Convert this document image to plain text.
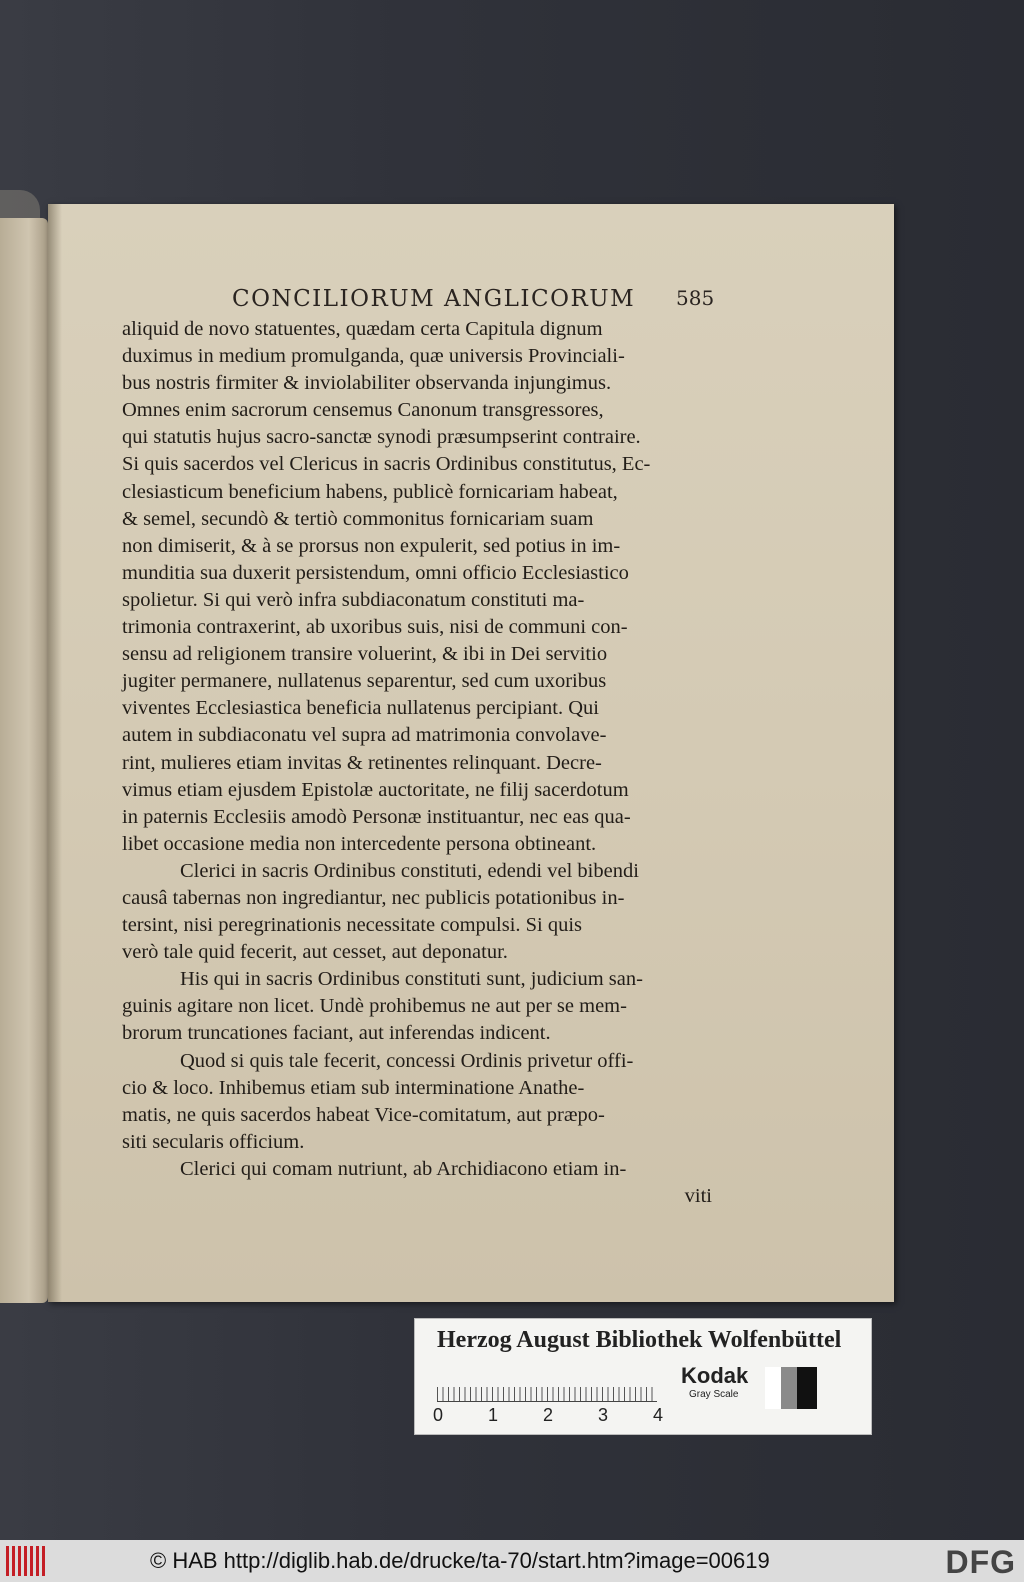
CONCILIORUM ANGLICORUM	585
aliquid de novo statuentes, quædam certa Capitula dignum
duximus in medium promulganda, quæ universis Provinciali-
bus nostris firmiter & inviolabiliter observanda injungimus.
Omnes enim sacrorum censemus Canonum transgressores,
qui statutis hujus sacro-sanctæ synodi præsumpserint contraire.
Si quis sacerdos vel Clericus in sacris Ordinibus constitutus, Ec-
clesiasticum beneficium habens, publicè fornicariam habeat,
& semel, secundò & tertiò commonitus fornicariam suam
non dimiserit, & à se prorsus non expulerit, sed potius in im-
munditia sua duxerit persistendum, omni officio Ecclesiastico
spolietur. Si qui verò infra subdiaconatum constituti ma-
trimonia contraxerint, ab uxoribus suis, nisi de communi con-
sensu ad religionem transire voluerint, & ibi in Dei servitio
jugiter permanere, nullatenus separentur, sed cum uxoribus
viventes Ecclesiastica beneficia nullatenus percipiant. Qui
autem in subdiaconatu vel supra ad matrimonia convolave-
rint, mulieres etiam invitas & retinentes relinquant. Decre-
vimus etiam ejusdem Epistolæ auctoritate, ne filij sacerdotum
in paternis Ecclesiis amodò Personæ instituantur, nec eas qua-
libet occasione media non intercedente persona obtineant.
Clerici in sacris Ordinibus constituti, edendi vel bibendi
causâ tabernas non ingrediantur, nec publicis potationibus in-
tersint, nisi peregrinationis necessitate compulsi. Si quis
verò tale quid fecerit, aut cesset, aut deponatur.
His qui in sacris Ordinibus constituti sunt, judicium san-
guinis agitare non licet. Undè prohibemus ne aut per se mem-
brorum truncationes faciant, aut inferendas indicent.
Quod si quis tale fecerit, concessi Ordinis privetur offi-
cio & loco. Inhibemus etiam sub interminatione Anathe-
matis, ne quis sacerdos habeat Vice-comitatum, aut præpo-
siti secularis officium.
Clerici qui comam nutriunt, ab Archidiacono etiam in-
viti
Herzog August Bibliothek Wolfenbüttel
0 1 2 3 4
Kodak
Gray Scale
© HAB http://diglib.hab.de/drucke/ta-70/start.htm?image=00619	DFG
